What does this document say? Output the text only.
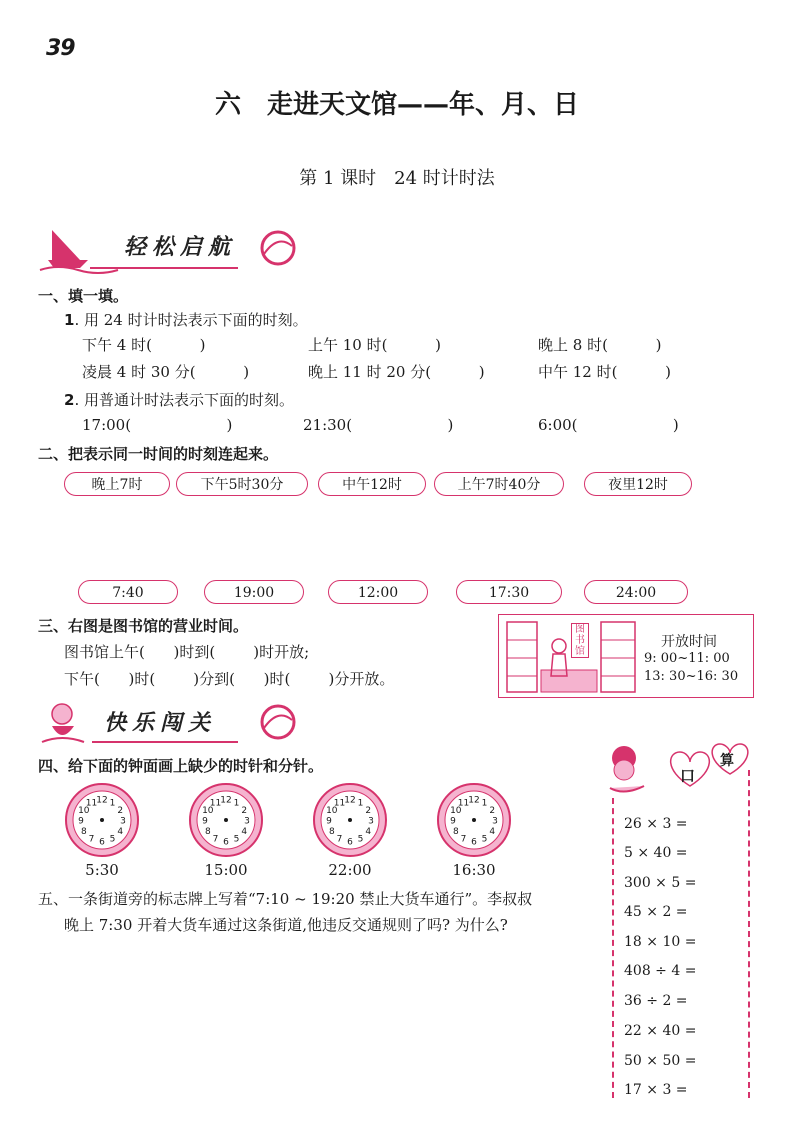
39
六　走进天文馆——年、月、日
第 1 课时　24 时计时法
轻松启航
一、填一填。
1. 用 24 时计时法表示下面的时刻。
下午 4 时(          )	上午 10 时(          )	晚上 8 时(          )
凌晨 4 时 30 分(          )	晚上 11 时 20 分(          )	中午 12 时(          )
2. 用普通计时法表示下面的时刻。
17:00(                    )	21:30(                    )	6:00(                    )
二、把表示同一时间的时刻连起来。
晚上7时	下午5时30分	中午12时	上午7时40分	夜里12时
7:40	19:00	12:00	17:30	24:00
三、右图是图书馆的营业时间。
图书馆上午(      )时到(        )时开放;
下午(      )时(        )分到(      )时(        )分开放。
图书馆
开放时间
9: 00~11: 00
13: 30~16: 30
快乐闯关
四、给下面的钟面画上缺少的时针和分针。
12 1
2
3
4
5
6
7
8
9
10
11	12 1
2
3
4
5
6
7
8
9
10
11	12 1
2
3
4
5
6
7
8
9
10
11	12 1
2
3
4
5
6
7
8
9
10
11
5:30	15:00	22:00	16:30
五、一条街道旁的标志牌上写着“7:10 ~ 19:20 禁止大货车通行”。李叔叔
晚上 7:30 开着大货车通过这条街道,他违反交通规则了吗? 为什么?
口
算
26 × 3 =
5 × 40 =
300 × 5 =
45 × 2 =
18 × 10 =
408 ÷ 4 =
36 ÷ 2 =
22 × 40 =
50 × 50 =
17 × 3 =
